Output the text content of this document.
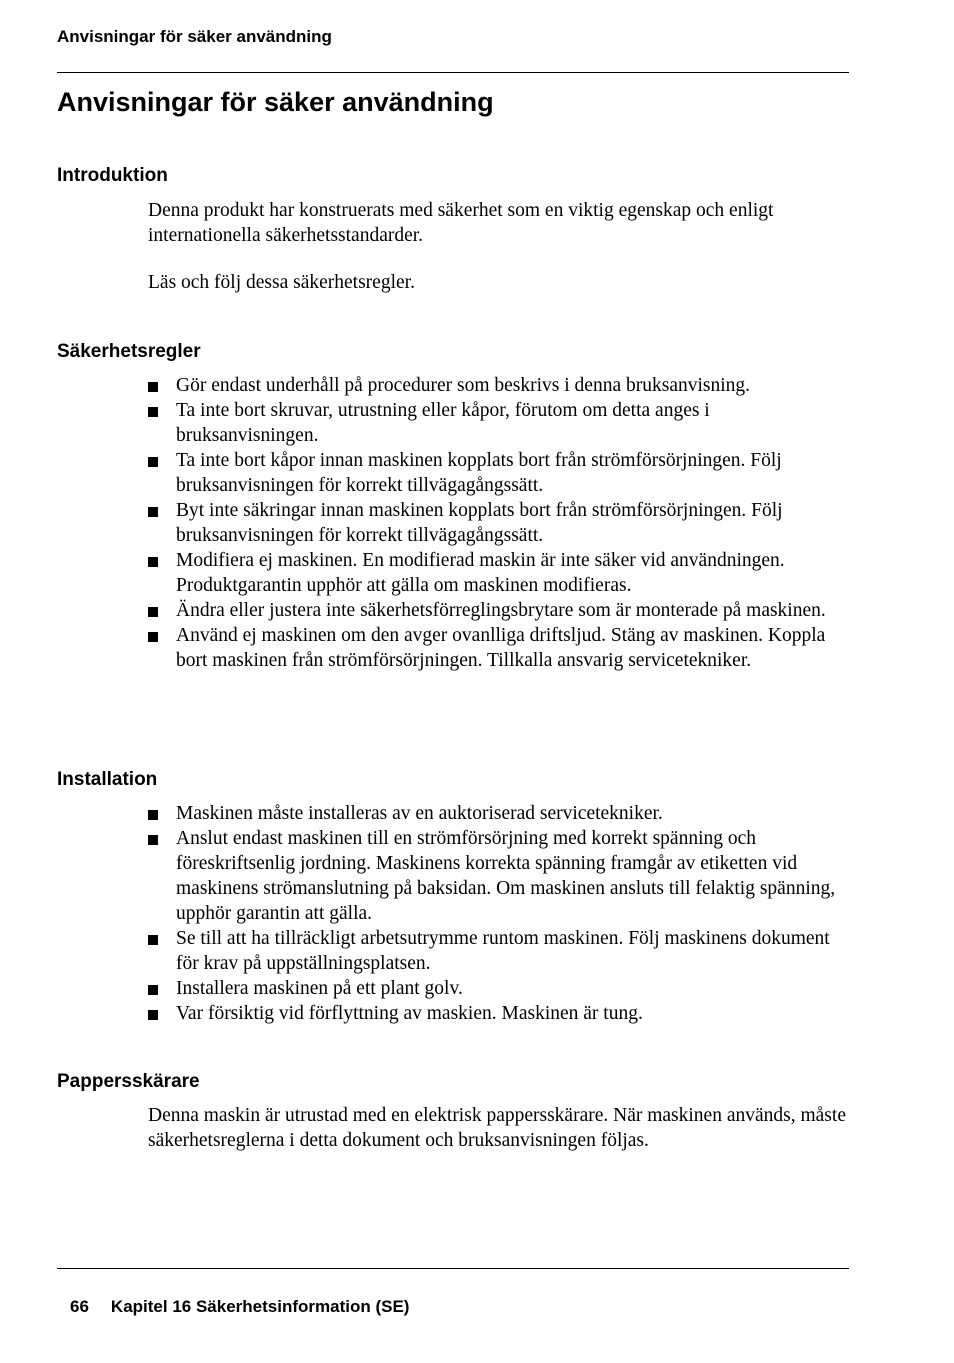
Anvisningar för säker användning
Anvisningar för säker användning
Introduktion

Denna produkt har konstruerats med säkerhet som en viktig egenskap och enligt internationella säkerhetsstandarder.

Läs och följ dessa säkerhetsregler.

Säkerhetsregler
Gör endast underhåll på procedurer som beskrivs i denna bruksanvisning.
Ta inte bort skruvar, utrustning eller kåpor, förutom om detta anges i bruksanvisningen.
Ta inte bort kåpor innan maskinen kopplats bort från strömförsörjningen. Följ bruksanvisningen för korrekt tillvägagångssätt.
Byt inte säkringar innan maskinen kopplats bort från strömförsörjningen. Följ bruksanvisningen för korrekt tillvägagångssätt.
Modifiera ej maskinen. En modifierad maskin är inte säker vid användningen. Produktgarantin upphör att gälla om maskinen modifieras.
Ändra eller justera inte säkerhetsförreglingsbrytare som är monterade på maskinen.
Använd ej maskinen om den avger ovanlliga driftsljud. Stäng av maskinen. Koppla bort maskinen från strömförsörjningen. Tillkalla ansvarig servicetekniker.
Installation
Maskinen måste installeras av en auktoriserad servicetekniker.
Anslut endast maskinen till en strömförsörjning med korrekt spänning och föreskriftsenlig jordning. Maskinens korrekta spänning framgår av etiketten vid maskinens strömanslutning på baksidan. Om maskinen ansluts till felaktig spänning, upphör garantin att gälla.
Se till att ha tillräckligt arbetsutrymme runtom maskinen. Följ maskinens dokument för krav på uppställningsplatsen.
Installera maskinen på ett plant golv.
Var försiktig vid förflyttning av maskien. Maskinen är tung.
Pappersskärare

Denna maskin är utrustad med en elektrisk pappersskärare. När maskinen används, måste säkerhetsreglerna i detta dokument och bruksanvisningen följas.

66 Kapitel 16 Säkerhetsinformation (SE)
